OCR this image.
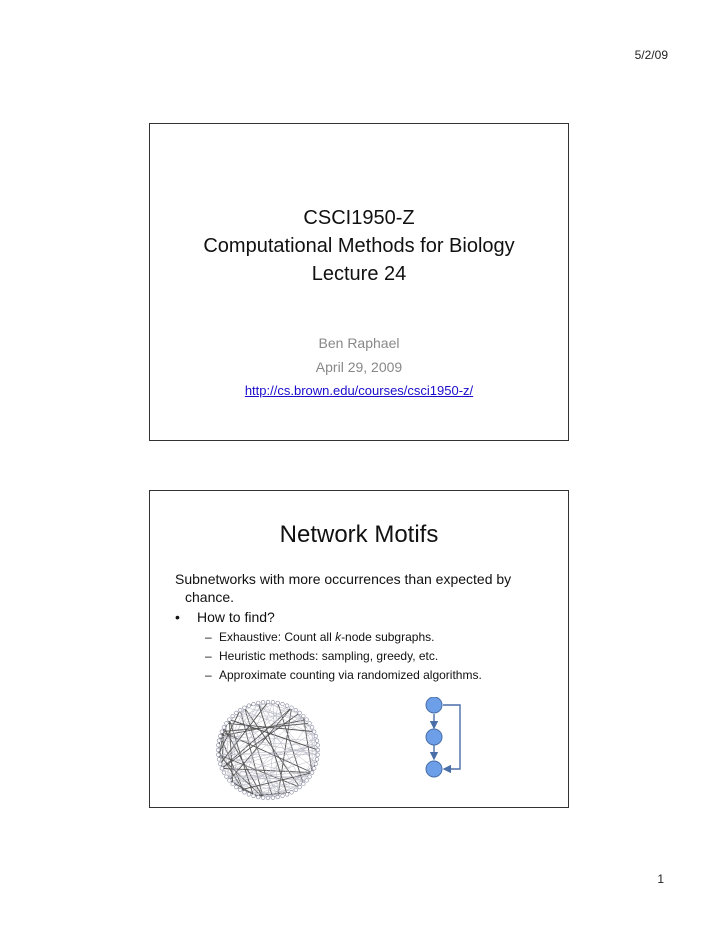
5/2/09
CSCI1950-Z
Computational Methods for Biology
Lecture 24
Ben Raphael
April 29, 2009
http://cs.brown.edu/courses/csci1950-z/
Network Motifs
Subnetworks with more occurrences than expected by chance.
• How to find?
– Exhaustive: Count all k-node subgraphs.
– Heuristic methods: sampling, greedy, etc.
– Approximate counting via randomized algorithms.
1
